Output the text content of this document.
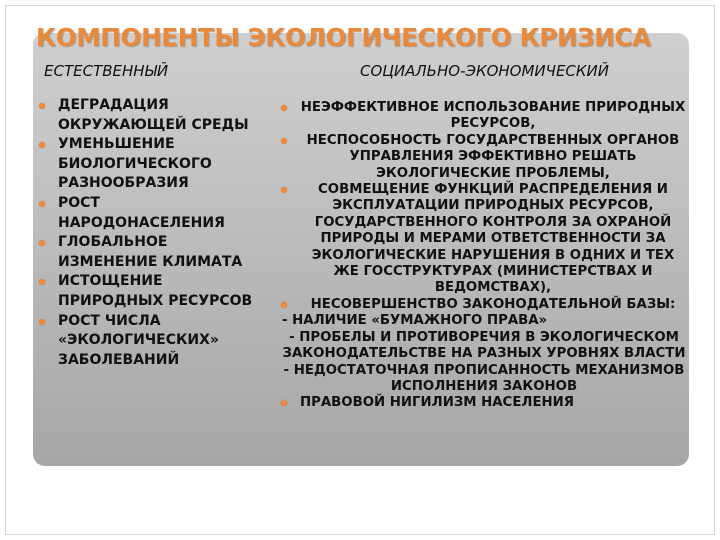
КОМПОНЕНТЫ ЭКОЛОГИЧЕСКОГО КРИЗИСА
ЕСТЕСТВЕННЫЙ	СОЦИАЛЬНО-ЭКОНОМИЧЕСКИЙ
ДЕГРАДАЦИЯ ОКРУЖАЮЩЕЙ СРЕДЫ
УМЕНЬШЕНИЕ БИОЛОГИЧЕСКОГО РАЗНООБРАЗИЯ
РОСТ НАРОДОНАСЕЛЕНИЯ
ГЛОБАЛЬНОЕ ИЗМЕНЕНИЕ КЛИМАТА
ИСТОЩЕНИЕ ПРИРОДНЫХ РЕСУРСОВ
РОСТ ЧИСЛА «ЭКОЛОГИЧЕСКИХ» ЗАБОЛЕВАНИЙ
НЕЭФФЕКТИВНОЕ ИСПОЛЬЗОВАНИЕ ПРИРОДНЫХ РЕСУРСОВ,
НЕСПОСОБНОСТЬ ГОСУДАРСТВЕННЫХ ОРГАНОВ УПРАВЛЕНИЯ ЭФФЕКТИВНО РЕШАТЬ ЭКОЛОГИЧЕСКИЕ ПРОБЛЕМЫ,
СОВМЕЩЕНИЕ ФУНКЦИЙ РАСПРЕДЕЛЕНИЯ И ЭКСПЛУАТАЦИИ ПРИРОДНЫХ РЕСУРСОВ, ГОСУДАРСТВЕННОГО КОНТРОЛЯ ЗА ОХРАНОЙ ПРИРОДЫ И МЕРАМИ ОТВЕТСТВЕННОСТИ ЗА ЭКОЛОГИЧЕСКИЕ НАРУШЕНИЯ В ОДНИХ И ТЕХ ЖЕ ГОССТРУКТУРАХ (МИНИСТЕРСТВАХ И ВЕДОМСТВАХ),
НЕСОВЕРШЕНСТВО ЗАКОНОДАТЕЛЬНОЙ БАЗЫ:
- НАЛИЧИЕ «БУМАЖНОГО ПРАВА»
- ПРОБЕЛЫ И ПРОТИВОРЕЧИЯ В ЭКОЛОГИЧЕСКОМ ЗАКОНОДАТЕЛЬСТВЕ НА РАЗНЫХ УРОВНЯХ ВЛАСТИ
- НЕДОСТАТОЧНАЯ ПРОПИСАННОСТЬ МЕХАНИЗМОВ ИСПОЛНЕНИЯ ЗАКОНОВ
ПРАВОВОЙ НИГИЛИЗМ НАСЕЛЕНИЯ
